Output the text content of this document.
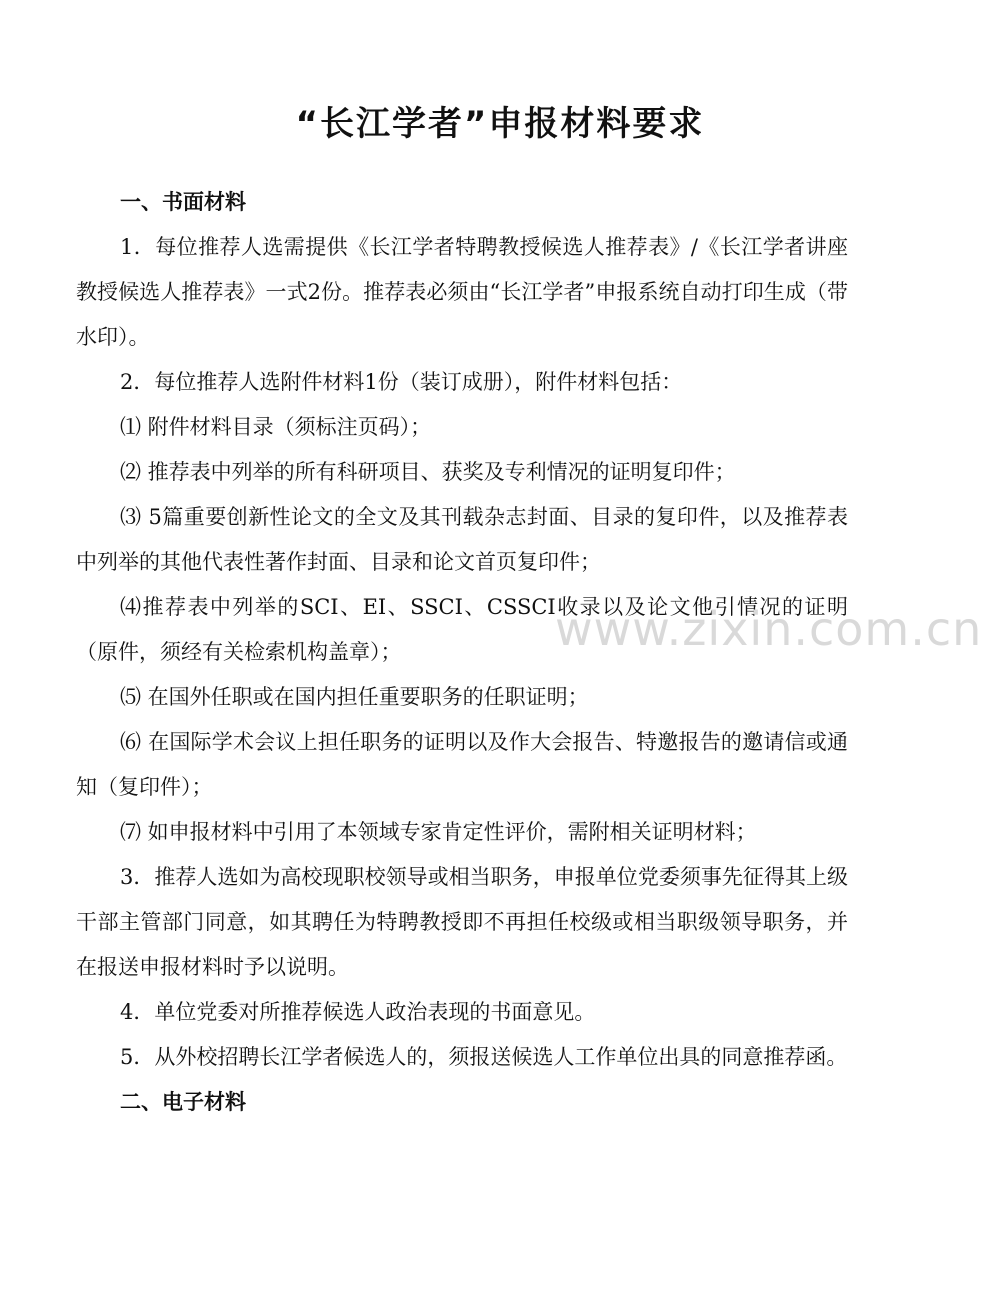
“长江学者”申报材料要求

一、书面材料

1．每位推荐人选需提供《长江学者特聘教授候选人推荐表》/《长江学者讲座教授候选人推荐表》一式2份。推荐表必须由“长江学者”申报系统自动打印生成（带水印）。

2．每位推荐人选附件材料1份（装订成册），附件材料包括：

⑴ 附件材料目录（须标注页码）；

⑵ 推荐表中列举的所有科研项目、获奖及专利情况的证明复印件；

⑶ 5篇重要创新性论文的全文及其刊载杂志封面、目录的复印件，以及推荐表中列举的其他代表性著作封面、目录和论文首页复印件；

⑷推荐表中列举的SCI、EI、SSCI、CSSCI收录以及论文他引情况的证明（原件，须经有关检索机构盖章）；

⑸ 在国外任职或在国内担任重要职务的任职证明；

⑹ 在国际学术会议上担任职务的证明以及作大会报告、特邀报告的邀请信或通知（复印件）；

⑺ 如申报材料中引用了本领域专家肯定性评价，需附相关证明材料；

3．推荐人选如为高校现职校领导或相当职务，申报单位党委须事先征得其上级干部主管部门同意，如其聘任为特聘教授即不再担任校级或相当职级领导职务，并在报送申报材料时予以说明。

4．单位党委对所推荐候选人政治表现的书面意见。

5．从外校招聘长江学者候选人的，须报送候选人工作单位出具的同意推荐函。

二、电子材料

www.zixin.com.cn
